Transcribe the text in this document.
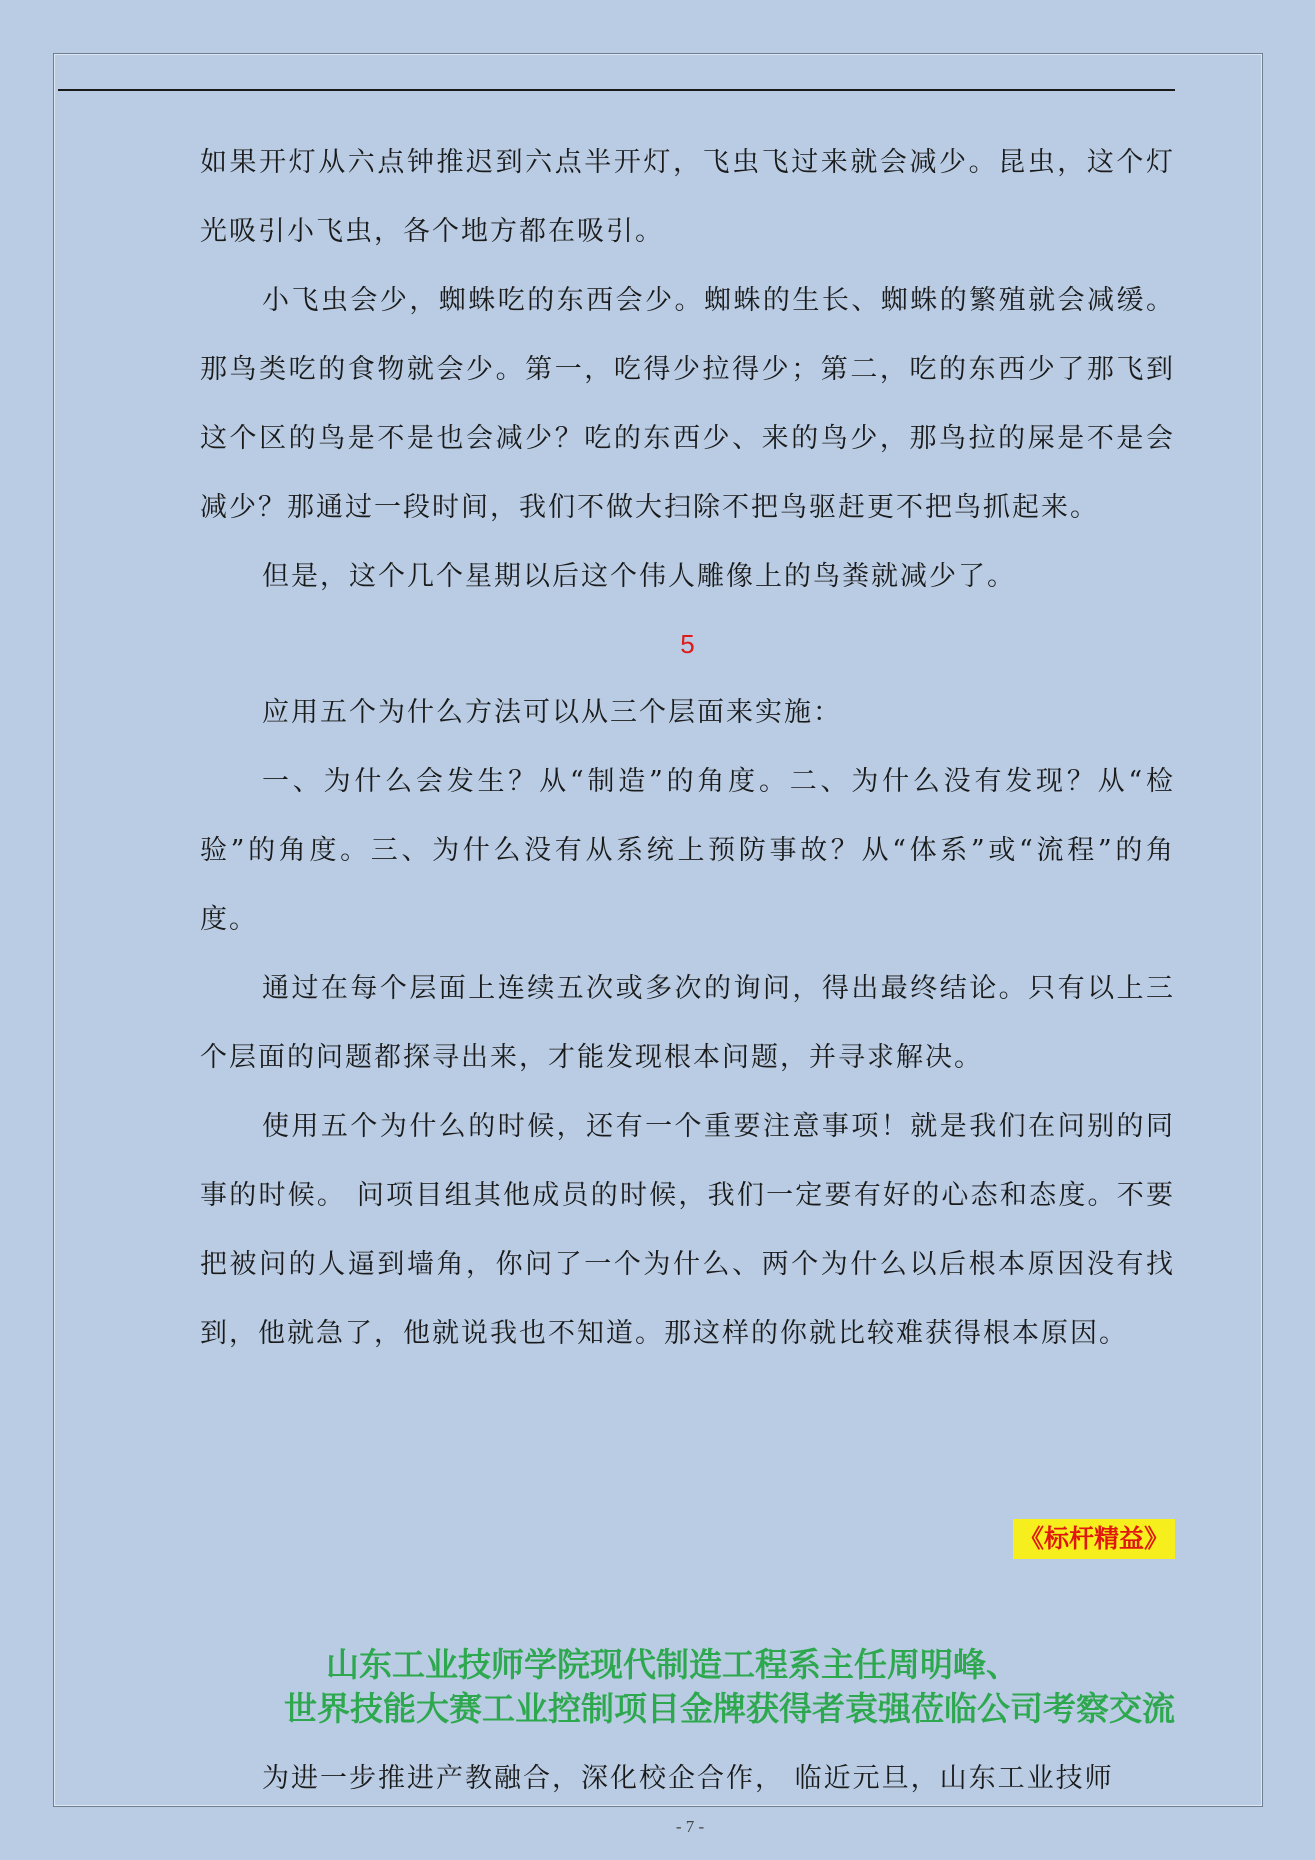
如果开灯从六点钟推迟到六点半开灯，飞虫飞过来就会减少。昆虫，这个灯光吸引小飞虫，各个地方都在吸引。

小飞虫会少，蜘蛛吃的东西会少。蜘蛛的生长、蜘蛛的繁殖就会减缓。那鸟类吃的食物就会少。第一，吃得少拉得少；第二，吃的东西少了那飞到这个区的鸟是不是也会减少？吃的东西少、来的鸟少，那鸟拉的屎是不是会减少？那通过一段时间，我们不做大扫除不把鸟驱赶更不把鸟抓起来。

但是，这个几个星期以后这个伟人雕像上的鸟粪就减少了。

5

应用五个为什么方法可以从三个层面来实施：

一、为什么会发生？从“制造”的角度。二、为什么没有发现？从“检验”的角度。三、为什么没有从系统上预防事故？从“体系”或“流程”的角度。

通过在每个层面上连续五次或多次的询问，得出最终结论。只有以上三个层面的问题都探寻出来，才能发现根本问题，并寻求解决。

使用五个为什么的时候，还有一个重要注意事项！就是我们在问别的同事的时候。 问项目组其他成员的时候，我们一定要有好的心态和态度。不要把被问的人逼到墙角，你问了一个为什么、两个为什么以后根本原因没有找到，他就急了，他就说我也不知道。那这样的你就比较难获得根本原因。

《标杆精益》
山东工业技师学院现代制造工程系主任周明峰、
世界技能大赛工业控制项目金牌获得者袁强莅临公司考察交流
为进一步推进产教融合，深化校企合作， 临近元旦，山东工业技师
- 7 -
